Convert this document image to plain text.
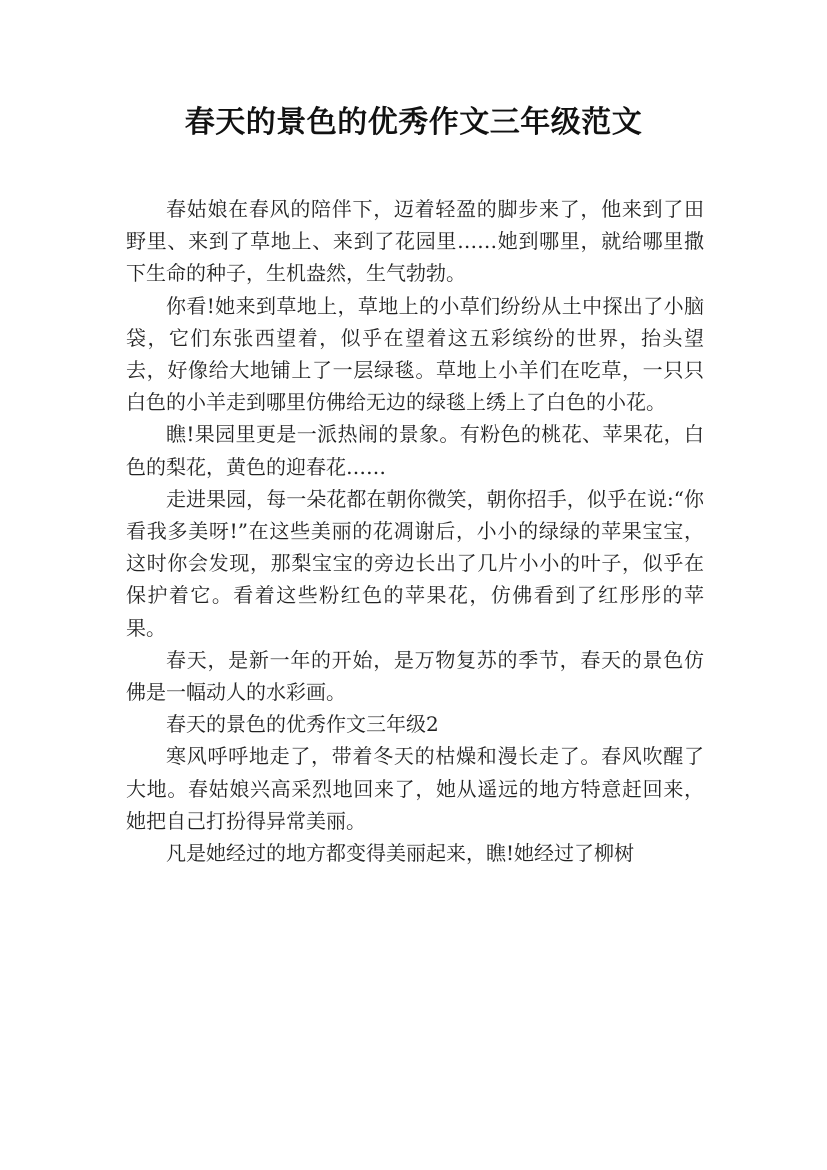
春天的景色的优秀作文三年级范文

春姑娘在春风的陪伴下，迈着轻盈的脚步来了，他来到了田野里、来到了草地上、来到了花园里……她到哪里，就给哪里撒下生命的种子，生机盎然，生气勃勃。

你看!她来到草地上，草地上的小草们纷纷从土中探出了小脑袋，它们东张西望着，似乎在望着这五彩缤纷的世界，抬头望去，好像给大地铺上了一层绿毯。草地上小羊们在吃草，一只只白色的小羊走到哪里仿佛给无边的绿毯上绣上了白色的小花。

瞧!果园里更是一派热闹的景象。有粉色的桃花、苹果花，白色的梨花，黄色的迎春花……

走进果园，每一朵花都在朝你微笑，朝你招手，似乎在说:“你看我多美呀!”在这些美丽的花凋谢后，小小的绿绿的苹果宝宝，这时你会发现，那梨宝宝的旁边长出了几片小小的叶子，似乎在保护着它。看着这些粉红色的苹果花，仿佛看到了红彤彤的苹果。

春天，是新一年的开始，是万物复苏的季节，春天的景色仿佛是一幅动人的水彩画。

春天的景色的优秀作文三年级2

寒风呼呼地走了，带着冬天的枯燥和漫长走了。春风吹醒了大地。春姑娘兴高采烈地回来了，她从遥远的地方特意赶回来，她把自己打扮得异常美丽。

凡是她经过的地方都变得美丽起来，瞧!她经过了柳树
